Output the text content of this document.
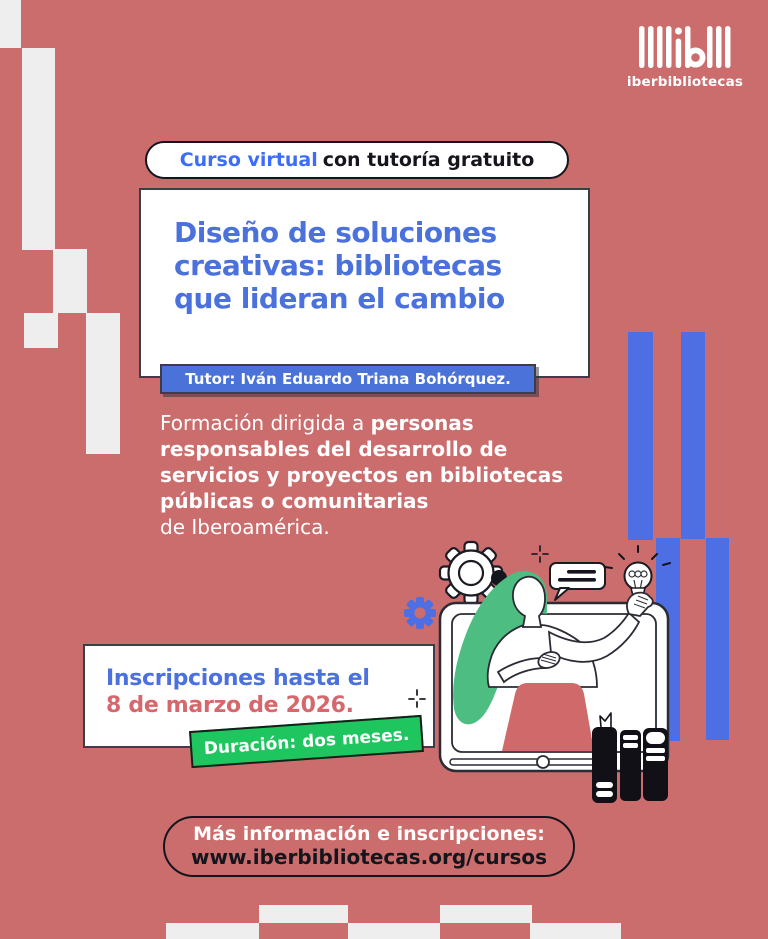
iberbibliotecas
Curso virtual con tutoría gratuito
Diseño de soluciones
creativas: bibliotecas
que lideran el cambio
Tutor: Iván Eduardo Triana Bohórquez.
Formación dirigida a personas responsables del desarrollo de servicios y proyectos en bibliotecas públicas o comunitarias
de Iberoamérica.
Inscripciones hasta el
8 de marzo de 2026.
Duración: dos meses.
Más información e inscripciones:
www.iberbibliotecas.org/cursos
